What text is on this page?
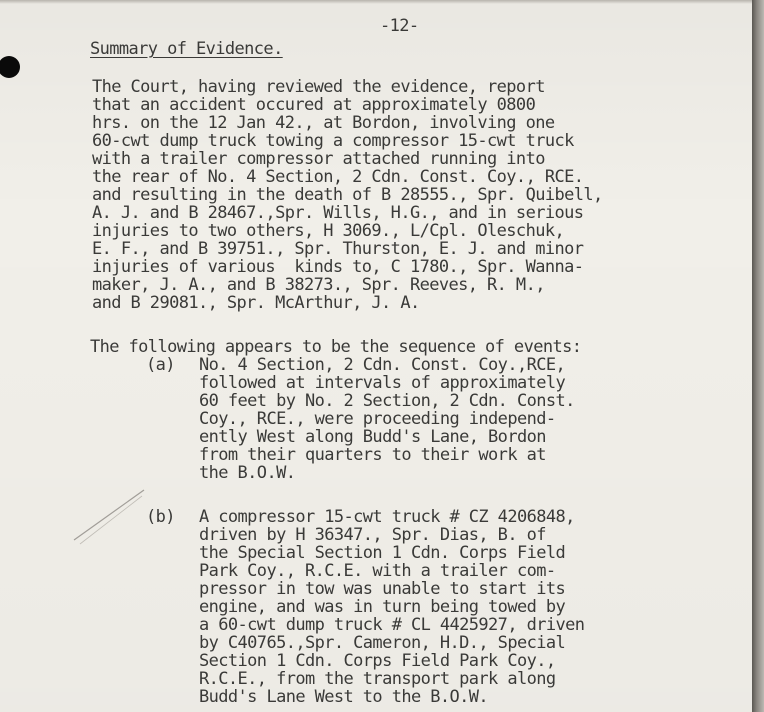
-12-

Summary of Evidence.

The Court, having reviewed the evidence, report

that an accident occured at approximately 0800

hrs. on the 12 Jan 42., at Bordon, involving one

60-cwt dump truck towing a compressor 15-cwt truck

with a trailer compressor attached running into

the rear of No. 4 Section, 2 Cdn. Const. Coy., RCE.

and resulting in the death of B 28555., Spr. Quibell,

A. J. and B 28467.,Spr. Wills, H.G., and in serious

injuries to two others, H 3069., L/Cpl. Oleschuk,

E. F., and B 39751., Spr. Thurston, E. J. and minor

injuries of various  kinds to, C 1780., Spr. Wanna-

maker, J. A., and B 38273., Spr. Reeves, R. M.,

and B 29081., Spr. McArthur, J. A.

The following appears to be the sequence of events:

(a) No. 4 Section, 2 Cdn. Const. Coy.,RCE,

followed at intervals of approximately

60 feet by No. 2 Section, 2 Cdn. Const.

Coy., RCE., were proceeding independ-

ently West along Budd's Lane, Bordon

from their quarters to their work at

the B.O.W.

(b) A compressor 15-cwt truck # CZ 4206848,

driven by H 36347., Spr. Dias, B. of

the Special Section 1 Cdn. Corps Field

Park Coy., R.C.E. with a trailer com-

pressor in tow was unable to start its

engine, and was in turn being towed by

a 60-cwt dump truck # CL 4425927, driven

by C40765.,Spr. Cameron, H.D., Special

Section 1 Cdn. Corps Field Park Coy.,

R.C.E., from the transport park along

Budd's Lane West to the B.O.W.
